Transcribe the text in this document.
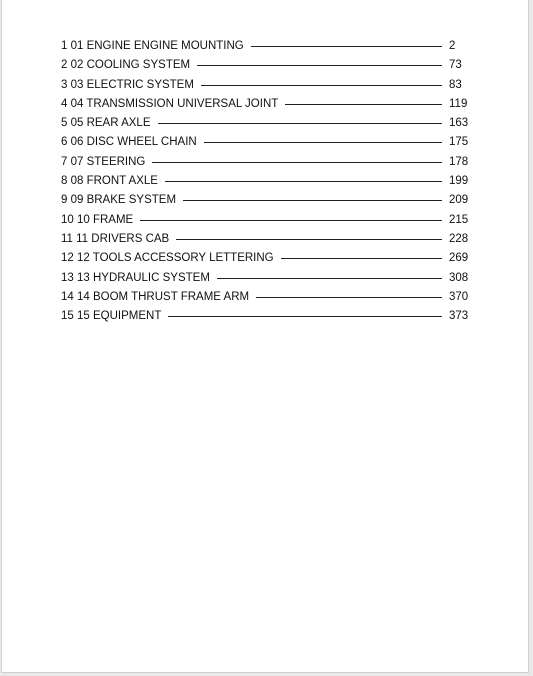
1 01 ENGINE ENGINE MOUNTING	2
2 02 COOLING SYSTEM	73
3 03 ELECTRIC SYSTEM	83
4 04 TRANSMISSION UNIVERSAL JOINT	119
5 05 REAR AXLE	163
6 06 DISC WHEEL CHAIN	175
7 07 STEERING	178
8 08 FRONT AXLE	199
9 09 BRAKE SYSTEM	209
10 10 FRAME	215
11 11 DRIVERS CAB	228
12 12 TOOLS ACCESSORY LETTERING	269
13 13 HYDRAULIC SYSTEM	308
14 14 BOOM THRUST FRAME ARM	370
15 15 EQUIPMENT	373
